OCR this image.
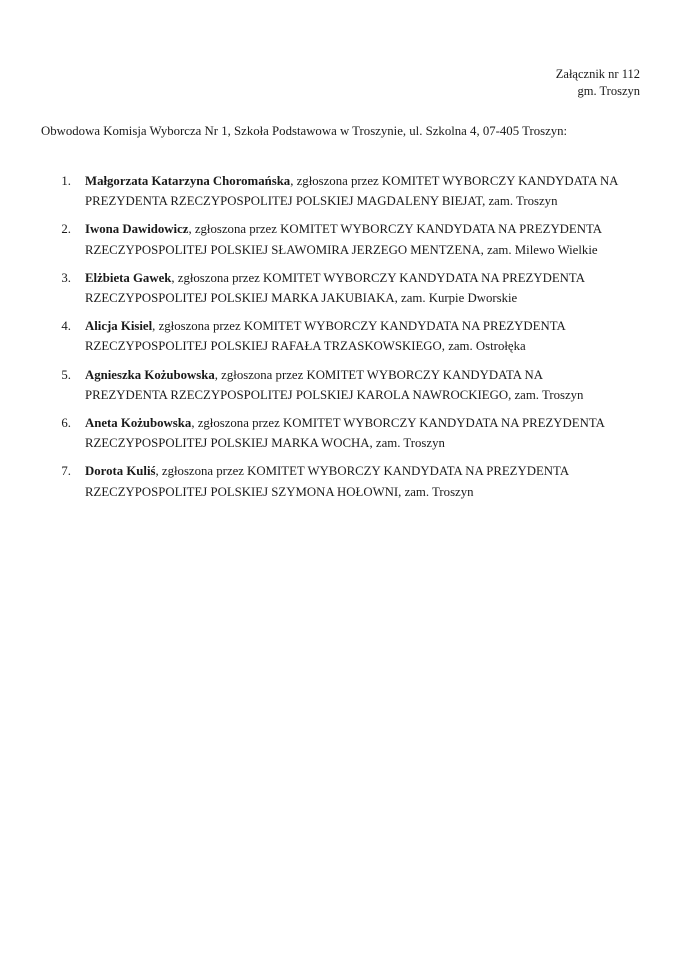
Załącznik nr 112
gm. Troszyn
Obwodowa Komisja Wyborcza Nr 1, Szkoła Podstawowa w Troszynie, ul. Szkolna 4, 07-405 Troszyn:
1.	Małgorzata Katarzyna Choromańska, zgłoszona przez KOMITET WYBORCZY KANDYDATA NA PREZYDENTA RZECZYPOSPOLITEJ POLSKIEJ MAGDALENY BIEJAT, zam. Troszyn
2.	Iwona Dawidowicz, zgłoszona przez KOMITET WYBORCZY KANDYDATA NA PREZYDENTA RZECZYPOSPOLITEJ POLSKIEJ SŁAWOMIRA JERZEGO MENTZENA, zam. Milewo Wielkie
3.	Elżbieta Gawek, zgłoszona przez KOMITET WYBORCZY KANDYDATA NA PREZYDENTA RZECZYPOSPOLITEJ POLSKIEJ MARKA JAKUBIAKA, zam. Kurpie Dworskie
4.	Alicja Kisiel, zgłoszona przez KOMITET WYBORCZY KANDYDATA NA PREZYDENTA RZECZYPOSPOLITEJ POLSKIEJ RAFAŁA TRZASKOWSKIEGO, zam. Ostrołęka
5.	Agnieszka Kożubowska, zgłoszona przez KOMITET WYBORCZY KANDYDATA NA PREZYDENTA RZECZYPOSPOLITEJ POLSKIEJ KAROLA NAWROCKIEGO, zam. Troszyn
6.	Aneta Kożubowska, zgłoszona przez KOMITET WYBORCZY KANDYDATA NA PREZYDENTA RZECZYPOSPOLITEJ POLSKIEJ MARKA WOCHA, zam. Troszyn
7.	Dorota Kuliś, zgłoszona przez KOMITET WYBORCZY KANDYDATA NA PREZYDENTA RZECZYPOSPOLITEJ POLSKIEJ SZYMONA HOŁOWNI, zam. Troszyn
